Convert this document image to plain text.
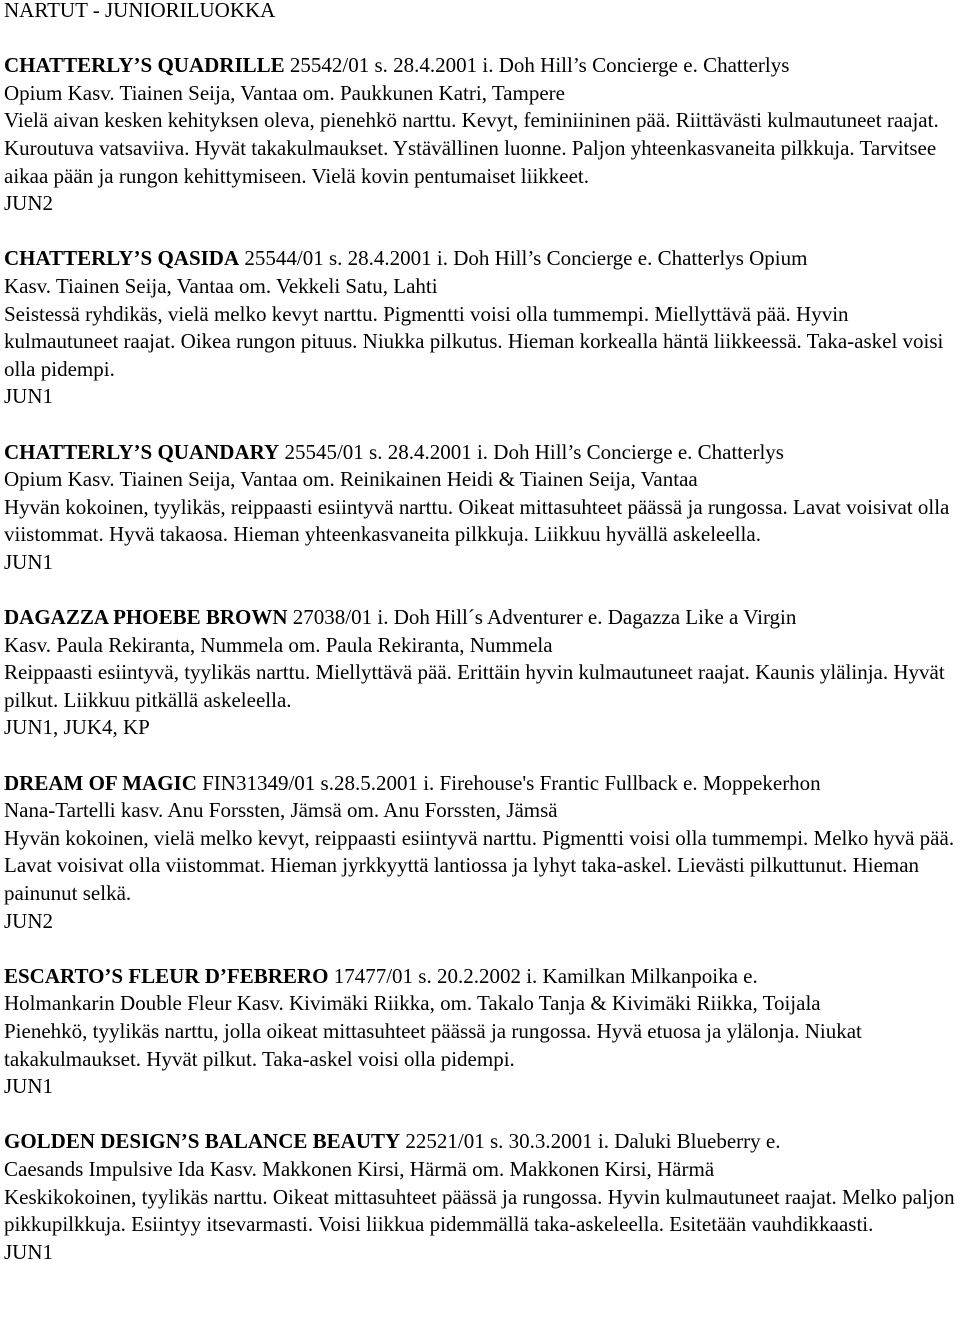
NARTUT - JUNIORILUOKKA

CHATTERLY’S QUADRILLE 25542/01 s. 28.4.2001 i. Doh Hill’s Concierge e. Chatterlys
Opium Kasv. Tiainen Seija, Vantaa om. Paukkunen Katri, Tampere

Vielä aivan kesken kehityksen oleva, pienehkö narttu. Kevyt, feminiininen pää. Riittävästi kulmautuneet raajat. Kuroutuva vatsaviiva. Hyvät takakulmaukset. Ystävällinen luonne. Paljon yhteenkasvaneita pilkkuja. Tarvitsee aikaa pään ja rungon kehittymiseen. Vielä kovin pentumaiset liikkeet.

JUN2

CHATTERLY’S QASIDA 25544/01 s. 28.4.2001 i. Doh Hill’s Concierge e. Chatterlys Opium
Kasv. Tiainen Seija, Vantaa om. Vekkeli Satu, Lahti

Seistessä ryhdikäs, vielä melko kevyt narttu. Pigmentti voisi olla tummempi. Miellyttävä pää. Hyvin kulmautuneet raajat. Oikea rungon pituus. Niukka pilkutus. Hieman korkealla häntä liikkeessä. Taka-askel voisi olla pidempi.

JUN1

CHATTERLY’S QUANDARY 25545/01 s. 28.4.2001 i. Doh Hill’s Concierge e. Chatterlys
Opium Kasv. Tiainen Seija, Vantaa om. Reinikainen Heidi & Tiainen Seija, Vantaa

Hyvän kokoinen, tyylikäs, reippaasti esiintyvä narttu. Oikeat mittasuhteet päässä ja rungossa. Lavat voisivat olla viistommat. Hyvä takaosa. Hieman yhteenkasvaneita pilkkuja. Liikkuu hyvällä askeleella.

JUN1

DAGAZZA PHOEBE BROWN 27038/01 i. Doh Hill´s Adventurer e. Dagazza Like a Virgin
Kasv. Paula Rekiranta, Nummela om. Paula Rekiranta, Nummela

Reippaasti esiintyvä, tyylikäs narttu. Miellyttävä pää. Erittäin hyvin kulmautuneet raajat. Kaunis ylälinja. Hyvät pilkut. Liikkuu pitkällä askeleella.

JUN1, JUK4, KP

DREAM OF MAGIC FIN31349/01 s.28.5.2001 i. Firehouse's Frantic Fullback e. Moppekerhon
Nana-Tartelli kasv. Anu Forssten, Jämsä om. Anu Forssten, Jämsä

Hyvän kokoinen, vielä melko kevyt, reippaasti esiintyvä narttu. Pigmentti voisi olla tummempi. Melko hyvä pää. Lavat voisivat olla viistommat. Hieman jyrkkyyttä lantiossa ja lyhyt taka-askel. Lievästi pilkuttunut. Hieman painunut selkä.

JUN2

ESCARTO’S FLEUR D’FEBRERO 17477/01 s. 20.2.2002 i. Kamilkan Milkanpoika e.
Holmankarin Double Fleur Kasv. Kivimäki Riikka, om. Takalo Tanja & Kivimäki Riikka, Toijala

Pienehkö, tyylikäs narttu, jolla oikeat mittasuhteet päässä ja rungossa. Hyvä etuosa ja ylälonja. Niukat takakulmaukset. Hyvät pilkut. Taka-askel voisi olla pidempi.

JUN1

GOLDEN DESIGN’S BALANCE BEAUTY 22521/01 s. 30.3.2001 i. Daluki Blueberry e.
Caesands Impulsive Ida Kasv. Makkonen Kirsi, Härmä om. Makkonen Kirsi, Härmä

Keskikokoinen, tyylikäs narttu. Oikeat mittasuhteet päässä ja rungossa. Hyvin kulmautuneet raajat. Melko paljon pikkupilkkuja. Esiintyy itsevarmasti. Voisi liikkua pidemmällä taka-askeleella. Esitetään vauhdikkaasti.

JUN1
